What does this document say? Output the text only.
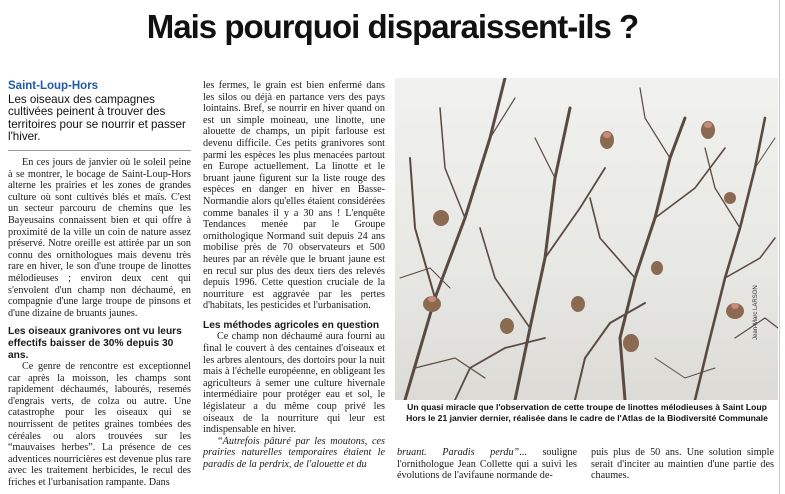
Mais pourquoi disparaissent-ils ?
Saint-Loup-Hors
Les oiseaux des campagnes cultivées peinent à trouver des territoires pour se nourrir et passer l'hiver.

En ces jours de janvier où le soleil peine à se montrer, le bocage de Saint-Loup-Hors alterne les prairies et les zones de grandes culture où sont cultivés blés et maïs. C'est un secteur parcouru de chemins que les Bayeusains connaissent bien et qui offre à proximité de la ville un coin de nature assez préservé. Notre oreille est attirée par un son connu des ornithologues mais devenu très rare en hiver, le son d'une troupe de linottes mélodieuses ; environ deux cent qui s'envolent d'un champ non déchaumé, en compagnie d'une large troupe de pinsons et d'une dizaine de bruants jaunes.

Les oiseaux granivores ont vu leurs effectifs baisser de 30% depuis 30 ans.

Ce genre de rencontre est exceptionnel car après la moisson, les champs sont rapidement déchaumés, labourés, resemés d'engrais verts, de colza ou autre. Une catastrophe pour les oiseaux qui se nourrissent de petites graines tombées des céréales ou alors trouvées sur les “mauvaises herbes”. La présence de ces adventices nourricières est devenue plus rare avec les traitement herbicides, le recul des friches et l'urbanisation rampante. Dans

les fermes, le grain est bien enfermé dans les silos ou déjà en partance vers des pays lointains. Bref, se nourrir en hiver quand on est un simple moineau, une linotte, une alouette de champs, un pipit farlouse est devenu difficile. Ces petits granivores sont parmi les espèces les plus menacées partout en Europe actuellement. La linotte et le bruant jaune figurent sur la liste rouge des espèces en danger en hiver en Basse-Normandie alors qu'elles étaient considérées comme banales il y a 30 ans ! L'enquête Tendances menée par le Groupe ornithologique Normand suit depuis 24 ans mobilise près de 70 observateurs et 500 heures par an révèle que le bruant jaune est en recul sur plus des deux tiers des relevés depuis 1996. Cette question cruciale de la nourriture est aggravée par les pertes d'habitats, les pesticides et l'urbanisation.

Les méthodes agricoles en question

Ce champ non déchaumé aura fourni au final le couvert à des centaines d'oiseaux et les arbres alentours, des dortoirs pour la nuit mais à l'échelle européenne, en obligeant les agriculteurs à semer une culture hivernale intermédiaire pour protéger eau et sol, le législateur a du même coup privé les oiseaux de la nourriture qui leur est indispensable en hiver.

“Autrefois pâturé par les moutons, ces prairies naturelles temporaires étaient le paradis de la perdrix, de l'alouette et du

Jean-Marc LARSON
Un quasi miracle que l'observation de cette troupe de linottes mélodieuses à Saint Loup Hors le 21 janvier dernier, réalisée dans le cadre de l'Atlas de la Biodiversité Communale

bruant. Paradis perdu”... souligne l'ornithologue Jean Collette qui a suivi les évolutions de l'avifaune normande de-

puis plus de 50 ans. Une solution simple serait d'inciter au maintien d'une partie des chaumes.
